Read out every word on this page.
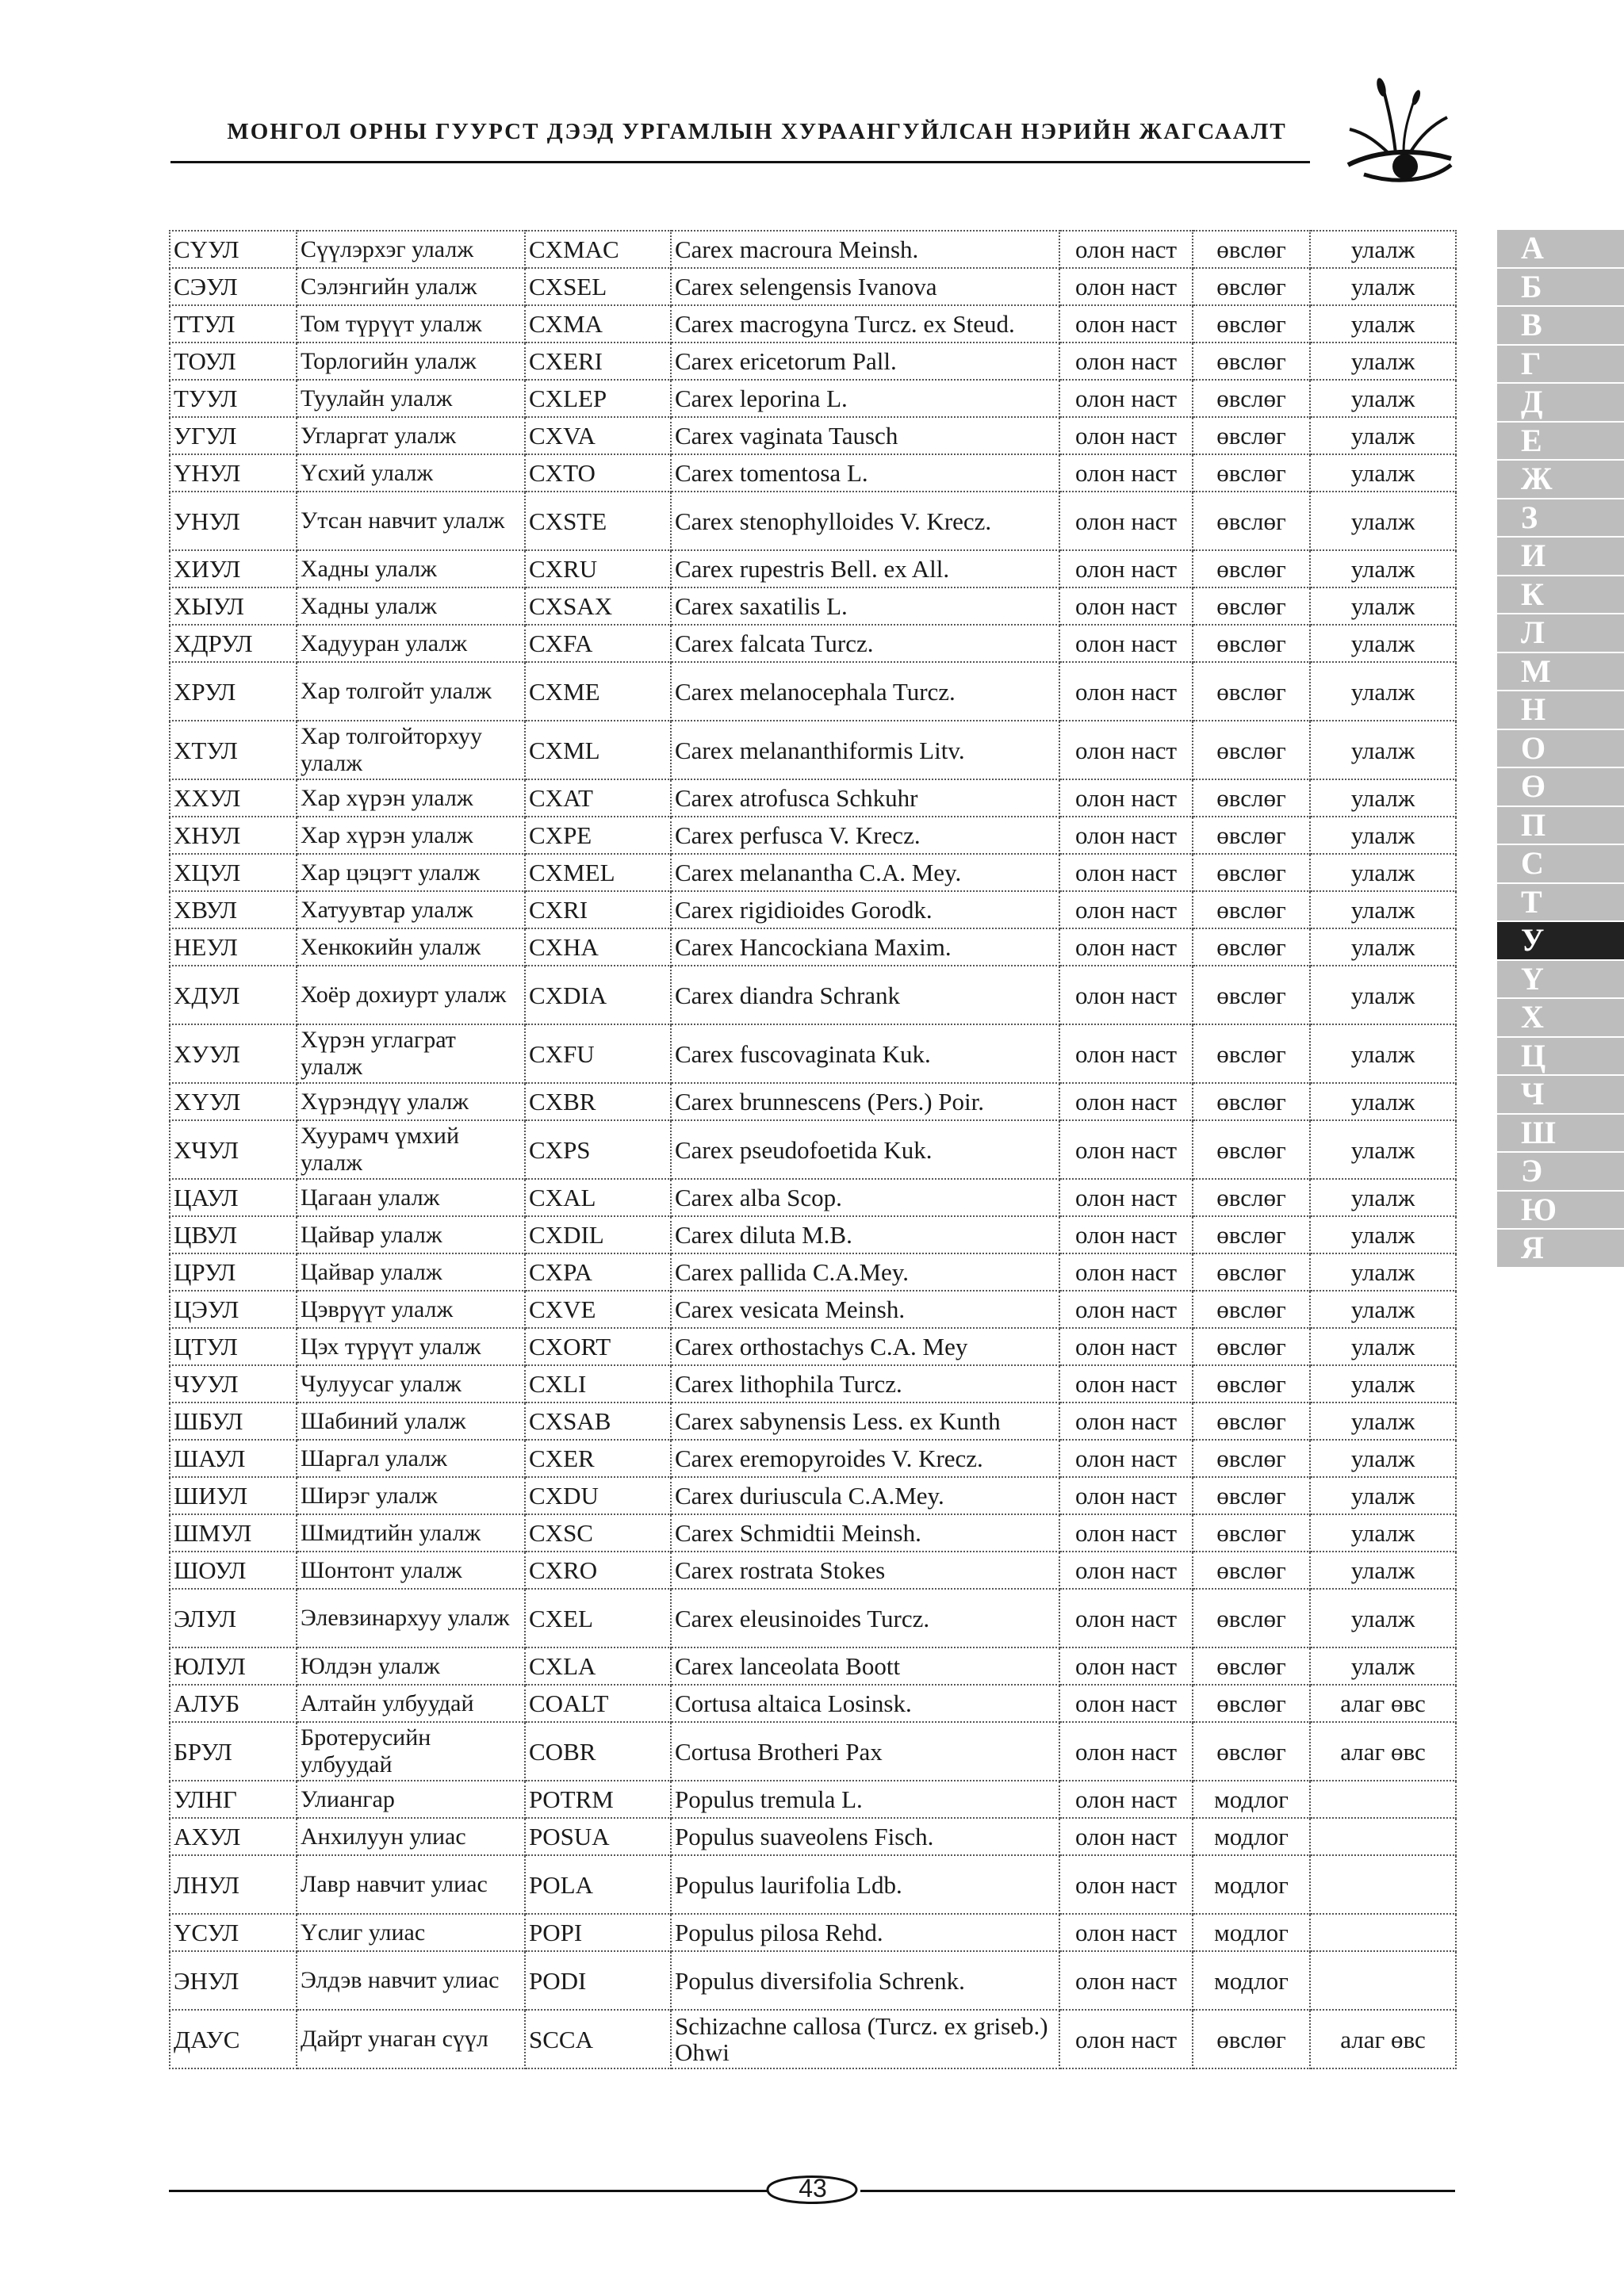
МОНГОЛ ОРНЫ ГУУРСТ ДЭЭД УРГАМЛЫН ХУРААНГУЙЛСАН НЭРИЙН ЖАГСААЛТ
СҮУЛ	Сүүлэрхэг улалж	CXMAC	Carex macroura Meinsh.	олон наст	өвслөг	улалж
СЭУЛ	Сэлэнгийн улалж	CXSEL	Carex selengensis Ivanova	олон наст	өвслөг	улалж
ТТУЛ	Том түрүүт улалж	CXMA	Carex macrogyna Turcz. ex Steud.	олон наст	өвслөг	улалж
ТОУЛ	Торлогийн улалж	CXERI	Carex ericetorum Pall.	олон наст	өвслөг	улалж
ТУУЛ	Туулайн улалж	CXLEP	Carex leporina L.	олон наст	өвслөг	улалж
УГУЛ	Угларгат улалж	CXVA	Carex vaginata Tausch	олон наст	өвслөг	улалж
ҮНУЛ	Үсхий улалж	CXTO	Carex tomentosa L.	олон наст	өвслөг	улалж
УНУЛ	Утсан навчит улалж	CXSTE	Carex stenophylloides V. Krecz.	олон наст	өвслөг	улалж
ХИУЛ	Хадны улалж	CXRU	Carex rupestris Bell. ex All.	олон наст	өвслөг	улалж
ХЫУЛ	Хадны улалж	CXSAX	Carex saxatilis L.	олон наст	өвслөг	улалж
ХДРУЛ	Хадууран улалж	CXFA	Carex falcata Turcz.	олон наст	өвслөг	улалж
ХРУЛ	Хар толгойт улалж	CXME	Carex melanocephala Turcz.	олон наст	өвслөг	улалж
ХТУЛ	Хар толгойторхуу улалж	CXML	Carex melananthiformis Litv.	олон наст	өвслөг	улалж
ХХУЛ	Хар хүрэн улалж	CXAT	Carex atrofusca Schkuhr	олон наст	өвслөг	улалж
ХНУЛ	Хар хүрэн улалж	CXPE	Carex perfusca V. Krecz.	олон наст	өвслөг	улалж
ХЦУЛ	Хар цэцэгт улалж	CXMEL	Carex melanantha C.A. Mey.	олон наст	өвслөг	улалж
ХВУЛ	Хатуувтар улалж	CXRI	Carex rigidioides Gorodk.	олон наст	өвслөг	улалж
НЕУЛ	Хенкокийн улалж	CXHA	Carex Hancockiana Maxim.	олон наст	өвслөг	улалж
ХДУЛ	Хоёр дохиурт улалж	CXDIA	Carex diandra Schrank	олон наст	өвслөг	улалж
ХУУЛ	Хүрэн углаграт улалж	CXFU	Carex fuscovaginata Kuk.	олон наст	өвслөг	улалж
ХҮУЛ	Хүрэндүү улалж	CXBR	Carex brunnescens (Pers.) Poir.	олон наст	өвслөг	улалж
ХЧУЛ	Хуурамч үмхий улалж	CXPS	Carex pseudofoetida Kuk.	олон наст	өвслөг	улалж
ЦАУЛ	Цагаан улалж	CXAL	Carex alba Scop.	олон наст	өвслөг	улалж
ЦВУЛ	Цайвар улалж	CXDIL	Carex diluta M.B.	олон наст	өвслөг	улалж
ЦРУЛ	Цайвар улалж	CXPA	Carex pallida C.A.Mey.	олон наст	өвслөг	улалж
ЦЭУЛ	Цэврүүт улалж	CXVE	Carex vesicata Meinsh.	олон наст	өвслөг	улалж
ЦТУЛ	Цэх түрүүт улалж	CXORT	Carex orthostachys C.A. Mey	олон наст	өвслөг	улалж
ЧУУЛ	Чулуусаг улалж	CXLI	Carex lithophila Turcz.	олон наст	өвслөг	улалж
ШБУЛ	Шабиний улалж	CXSAB	Carex sabynensis Less. ex Kunth	олон наст	өвслөг	улалж
ШАУЛ	Шаргал улалж	CXER	Carex eremopyroides V. Krecz.	олон наст	өвслөг	улалж
ШИУЛ	Ширэг улалж	CXDU	Carex duriuscula C.A.Mey.	олон наст	өвслөг	улалж
ШМУЛ	Шмидтийн улалж	CXSC	Carex Schmidtii Meinsh.	олон наст	өвслөг	улалж
ШОУЛ	Шонтонт улалж	CXRO	Carex rostrata Stokes	олон наст	өвслөг	улалж
ЭЛУЛ	Элевзинархуу улалж	CXEL	Carex eleusinoides Turcz.	олон наст	өвслөг	улалж
ЮЛУЛ	Юлдэн улалж	CXLA	Carex lanceolata Boott	олон наст	өвслөг	улалж
АЛУБ	Алтайн улбуудай	COALT	Cortusa altaica Losinsk.	олон наст	өвслөг	алаг өвс
БРУЛ	Бротерусийн улбуудай	COBR	Cortusa Brotheri Pax	олон наст	өвслөг	алаг өвс
УЛНГ	Улиангар	POTRM	Populus tremula L.	олон наст	модлог	
АХУЛ	Анхилуун улиас	POSUA	Populus suaveolens Fisch.	олон наст	модлог	
ЛНУЛ	Лавр навчит улиас	POLA	Populus laurifolia Ldb.	олон наст	модлог	
ҮСУЛ	Үслиг улиас	POPI	Populus pilosa Rehd.	олон наст	модлог	
ЭНУЛ	Элдэв навчит улиас	PODI	Populus diversifolia Schrenk.	олон наст	модлог	
ДАУС	Дайрт унаган сүүл	SCCA	Schizachne callosa (Turcz. ex griseb.) Ohwi	олон наст	өвслөг	алаг өвс
А
Б
В
Г
Д
Е
Ж
З
И
К
Л
М
Н
О
Ө
П
С
Т
У
Ү
Х
Ц
Ч
Ш
Э
Ю
Я
43
